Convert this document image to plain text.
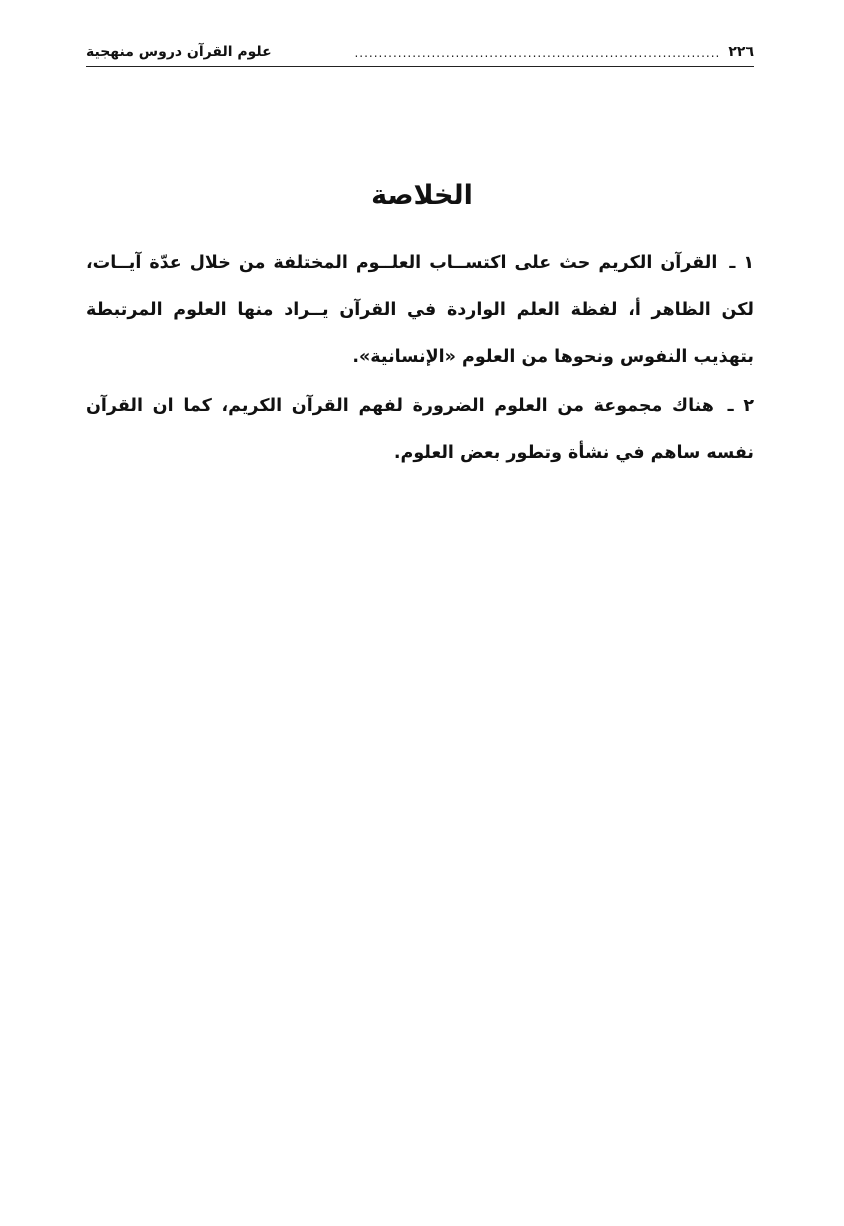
٢٢٦
............................................................................
علوم القرآن دروس منهجية
الخلاصة

١ ـ القرآن الكريم حث على اكتســاب العلــوم المختلفة من خلال عدّة آيــات، لكن الظاهر أ، لفظة العلم الواردة في القرآن يــراد منها العلوم المرتبطة بتهذيب النفوس ونحوها من العلوم «الإنسانية».

٢ ـ هناك مجموعة من العلوم الضرورة لفهم القرآن الكريم، كما ان القرآن نفسه ساهم في نشأة وتطور بعض العلوم.
